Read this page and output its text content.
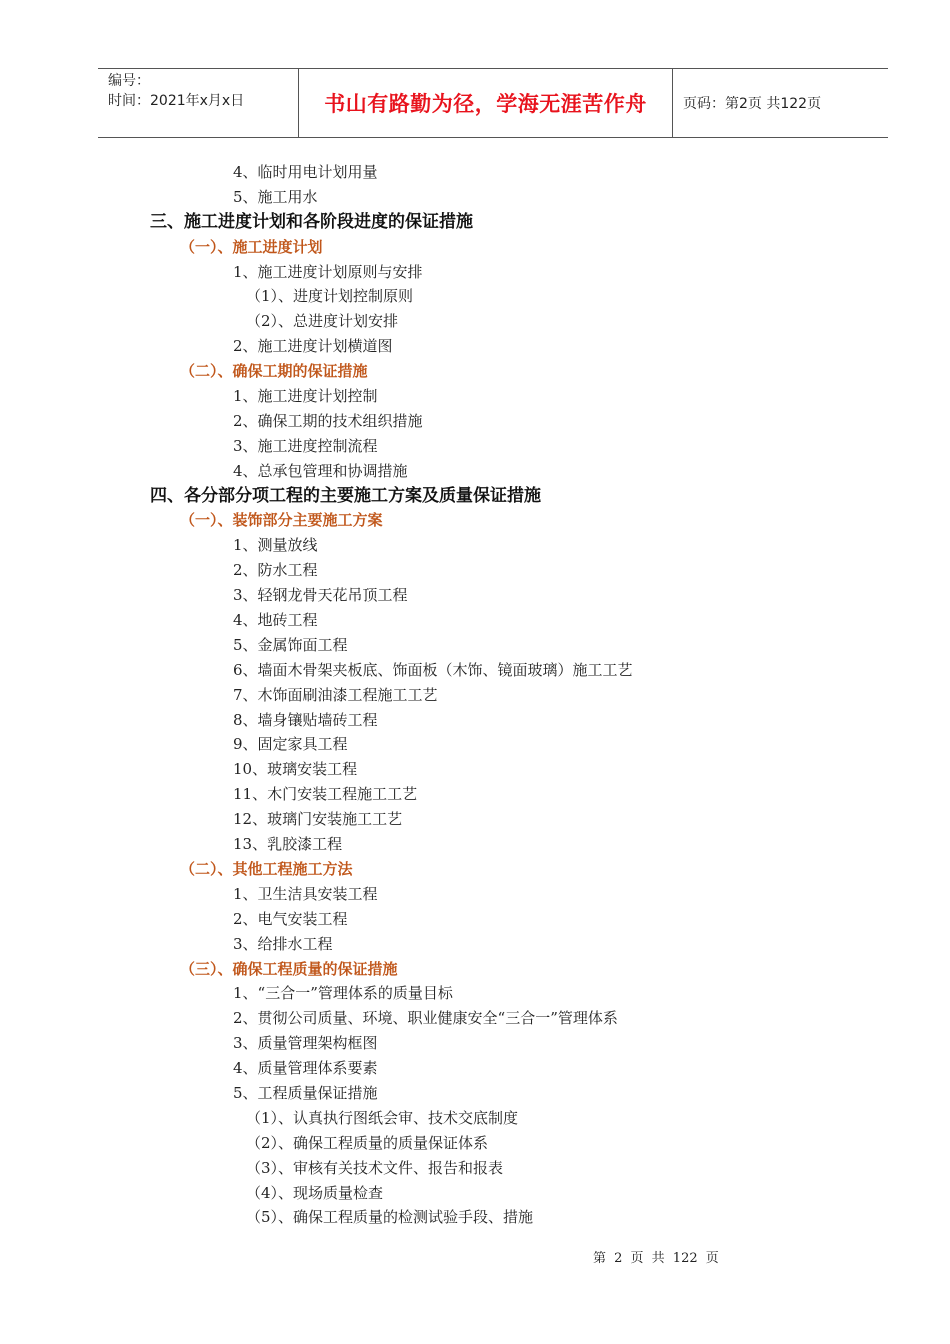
编号：
时间：2021年x月x日	书山有路勤为径，学海无涯苦作舟	页码：第2页 共122页
4、临时用电计划用量
5、施工用水
三、施工进度计划和各阶段进度的保证措施
（一）、施工进度计划
1、施工进度计划原则与安排
（1）、进度计划控制原则
（2）、总进度计划安排
2、施工进度计划横道图
（二）、确保工期的保证措施
1、施工进度计划控制
2、确保工期的技术组织措施
3、施工进度控制流程
4、总承包管理和协调措施
四、各分部分项工程的主要施工方案及质量保证措施
（一）、装饰部分主要施工方案
1、测量放线
2、防水工程
3、轻钢龙骨天花吊顶工程
4、地砖工程
5、金属饰面工程
6、墙面木骨架夹板底、饰面板（木饰、镜面玻璃）施工工艺
7、木饰面刷油漆工程施工工艺
8、墙身镶贴墙砖工程
9、固定家具工程
10、玻璃安装工程
11、木门安装工程施工工艺
12、玻璃门安装施工工艺
13、乳胶漆工程
（二）、其他工程施工方法
1、卫生洁具安装工程
2、电气安装工程
3、给排水工程
（三）、确保工程质量的保证措施
1、“三合一”管理体系的质量目标
2、贯彻公司质量、环境、职业健康安全“三合一”管理体系
3、质量管理架构框图
4、质量管理体系要素
5、工程质量保证措施
（1）、认真执行图纸会审、技术交底制度
（2）、确保工程质量的质量保证体系
（3）、审核有关技术文件、报告和报表
（4）、现场质量检查
（5）、确保工程质量的检测试验手段、措施
第 2 页 共 122 页
